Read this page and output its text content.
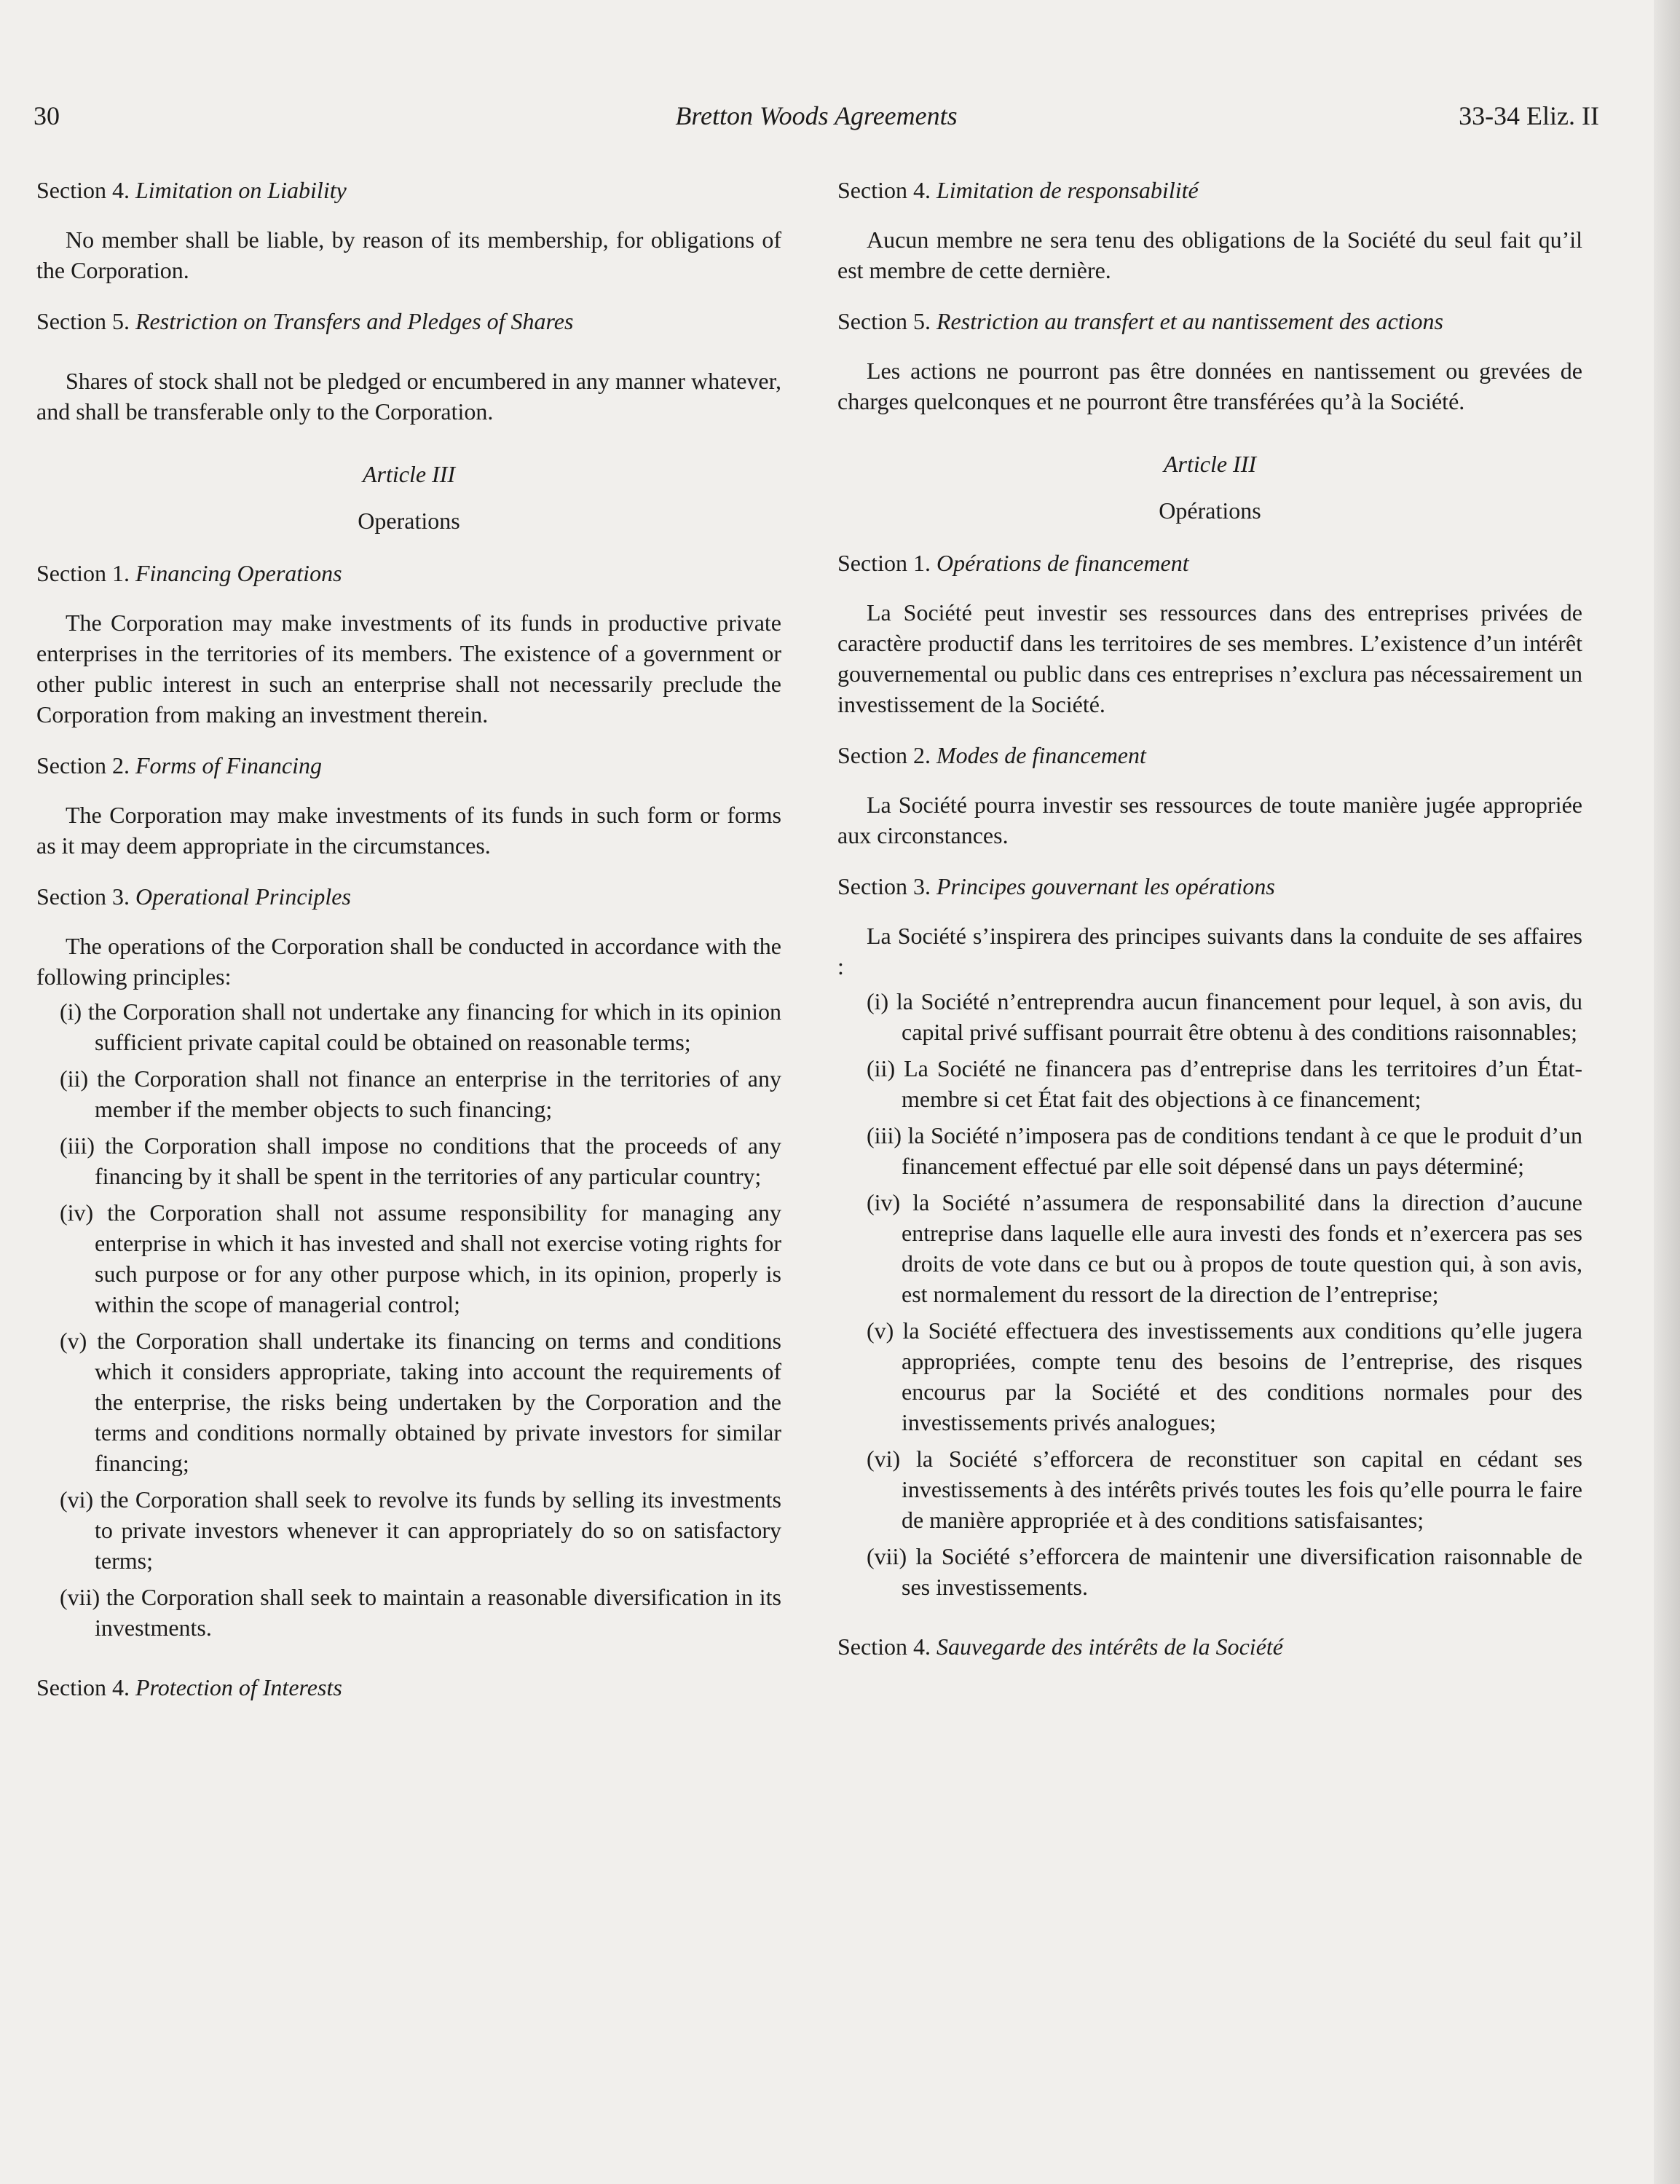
30	Bretton Woods Agreements	33-34 Eliz. II
Section 4. Limitation on Liability
No member shall be liable, by reason of its membership, for obligations of the Corporation.
Section 5. Restriction on Transfers and Pledges of Shares
Shares of stock shall not be pledged or encumbered in any manner whatever, and shall be transferable only to the Corporation.
Article III
Operations
Section 1. Financing Operations
The Corporation may make investments of its funds in productive private enterprises in the territories of its members. The existence of a government or other public interest in such an enterprise shall not necessarily preclude the Corporation from making an investment therein.
Section 2. Forms of Financing
The Corporation may make investments of its funds in such form or forms as it may deem appropriate in the circumstances.
Section 3. Operational Principles
The operations of the Corporation shall be conducted in accordance with the following principles:
(i) the Corporation shall not undertake any financing for which in its opinion sufficient private capital could be obtained on reasonable terms;
(ii) the Corporation shall not finance an enterprise in the territories of any member if the member objects to such financing;
(iii) the Corporation shall impose no conditions that the proceeds of any financing by it shall be spent in the territories of any particular country;
(iv) the Corporation shall not assume responsibility for managing any enterprise in which it has invested and shall not exercise voting rights for such purpose or for any other purpose which, in its opinion, properly is within the scope of managerial control;
(v) the Corporation shall undertake its financing on terms and conditions which it considers appropriate, taking into account the requirements of the enterprise, the risks being undertaken by the Corporation and the terms and conditions normally obtained by private investors for similar financing;
(vi) the Corporation shall seek to revolve its funds by selling its investments to private investors whenever it can appropriately do so on satisfactory terms;
(vii) the Corporation shall seek to maintain a reasonable diversification in its investments.
Section 4. Protection of Interests
Section 4. Limitation de responsabilité
Aucun membre ne sera tenu des obligations de la Société du seul fait qu’il est membre de cette dernière.
Section 5. Restriction au transfert et au nantissement des actions
Les actions ne pourront pas être données en nantissement ou grevées de charges quelconques et ne pourront être transférées qu’à la Société.
Article III
Opérations
Section 1. Opérations de financement
La Société peut investir ses ressources dans des entreprises privées de caractère productif dans les territoires de ses membres. L’existence d’un intérêt gouvernemental ou public dans ces entreprises n’exclura pas nécessairement un investissement de la Société.
Section 2. Modes de financement
La Société pourra investir ses ressources de toute manière jugée appropriée aux circonstances.
Section 3. Principes gouvernant les opérations
La Société s’inspirera des principes suivants dans la conduite de ses affaires :
(i) la Société n’entreprendra aucun financement pour lequel, à son avis, du capital privé suffisant pourrait être obtenu à des conditions raisonnables;
(ii) La Société ne financera pas d’entreprise dans les territoires d’un État-membre si cet État fait des objections à ce financement;
(iii) la Société n’imposera pas de conditions tendant à ce que le produit d’un financement effectué par elle soit dépensé dans un pays déterminé;
(iv) la Société n’assumera de responsabilité dans la direction d’aucune entreprise dans laquelle elle aura investi des fonds et n’exercera pas ses droits de vote dans ce but ou à propos de toute question qui, à son avis, est normalement du ressort de la direction de l’entreprise;
(v) la Société effectuera des investissements aux conditions qu’elle jugera appropriées, compte tenu des besoins de l’entreprise, des risques encourus par la Société et des conditions normales pour des investissements privés analogues;
(vi) la Société s’efforcera de reconstituer son capital en cédant ses investissements à des intérêts privés toutes les fois qu’elle pourra le faire de manière appropriée et à des conditions satisfaisantes;
(vii) la Société s’efforcera de maintenir une diversification raisonnable de ses investissements.
Section 4. Sauvegarde des intérêts de la Société
